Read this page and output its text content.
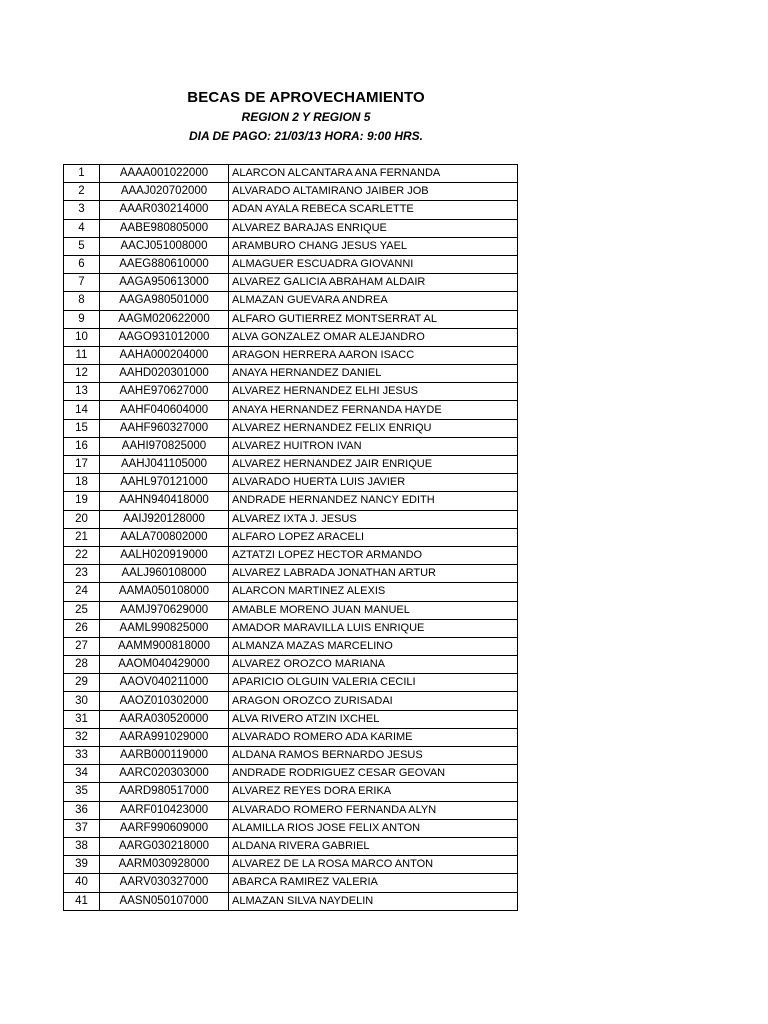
BECAS DE APROVECHAMIENTO
REGION 2 Y REGION 5
DIA DE PAGO: 21/03/13 HORA: 9:00 HRS.
1	AAAA001022000	ALARCON ALCANTARA ANA FERNANDA
2	AAAJ020702000	ALVARADO ALTAMIRANO JAIBER JOB
3	AAAR030214000	ADAN AYALA REBECA SCARLETTE
4	AABE980805000	ALVAREZ BARAJAS ENRIQUE
5	AACJ051008000	ARAMBURO CHANG JESUS YAEL
6	AAEG880610000	ALMAGUER ESCUADRA GIOVANNI
7	AAGA950613000	ALVAREZ GALICIA ABRAHAM ALDAIR
8	AAGA980501000	ALMAZAN GUEVARA ANDREA
9	AAGM020622000	ALFARO GUTIERREZ MONTSERRAT AL
10	AAGO931012000	ALVA GONZALEZ OMAR ALEJANDRO
11	AAHA000204000	ARAGON HERRERA AARON ISACC
12	AAHD020301000	ANAYA HERNANDEZ DANIEL
13	AAHE970627000	ALVAREZ HERNANDEZ ELHI JESUS
14	AAHF040604000	ANAYA HERNANDEZ FERNANDA HAYDE
15	AAHF960327000	ALVAREZ HERNANDEZ FELIX ENRIQU
16	AAHI970825000	ALVAREZ HUITRON IVAN
17	AAHJ041105000	ALVAREZ HERNANDEZ JAIR ENRIQUE
18	AAHL970121000	ALVARADO HUERTA LUIS JAVIER
19	AAHN940418000	ANDRADE HERNANDEZ NANCY EDITH
20	AAIJ920128000	ALVAREZ IXTA J. JESUS
21	AALA700802000	ALFARO LOPEZ ARACELI
22	AALH020919000	AZTATZI LOPEZ HECTOR ARMANDO
23	AALJ960108000	ALVAREZ LABRADA JONATHAN ARTUR
24	AAMA050108000	ALARCON MARTINEZ ALEXIS
25	AAMJ970629000	AMABLE MORENO JUAN MANUEL
26	AAML990825000	AMADOR MARAVILLA LUIS ENRIQUE
27	AAMM900818000	ALMANZA MAZAS MARCELINO
28	AAOM040429000	ALVAREZ OROZCO MARIANA
29	AAOV040211000	APARICIO OLGUIN VALERIA CECILI
30	AAOZ010302000	ARAGON OROZCO ZURISADAI
31	AARA030520000	ALVA RIVERO ATZIN IXCHEL
32	AARA991029000	ALVARADO ROMERO ADA KARIME
33	AARB000119000	ALDANA RAMOS BERNARDO JESUS
34	AARC020303000	ANDRADE RODRIGUEZ CESAR GEOVAN
35	AARD980517000	ALVAREZ REYES DORA ERIKA
36	AARF010423000	ALVARADO ROMERO FERNANDA ALYN
37	AARF990609000	ALAMILLA RIOS JOSE FELIX ANTON
38	AARG030218000	ALDANA RIVERA GABRIEL
39	AARM030928000	ALVAREZ DE LA ROSA MARCO ANTON
40	AARV030327000	ABARCA RAMIREZ VALERIA
41	AASN050107000	ALMAZAN SILVA NAYDELIN
